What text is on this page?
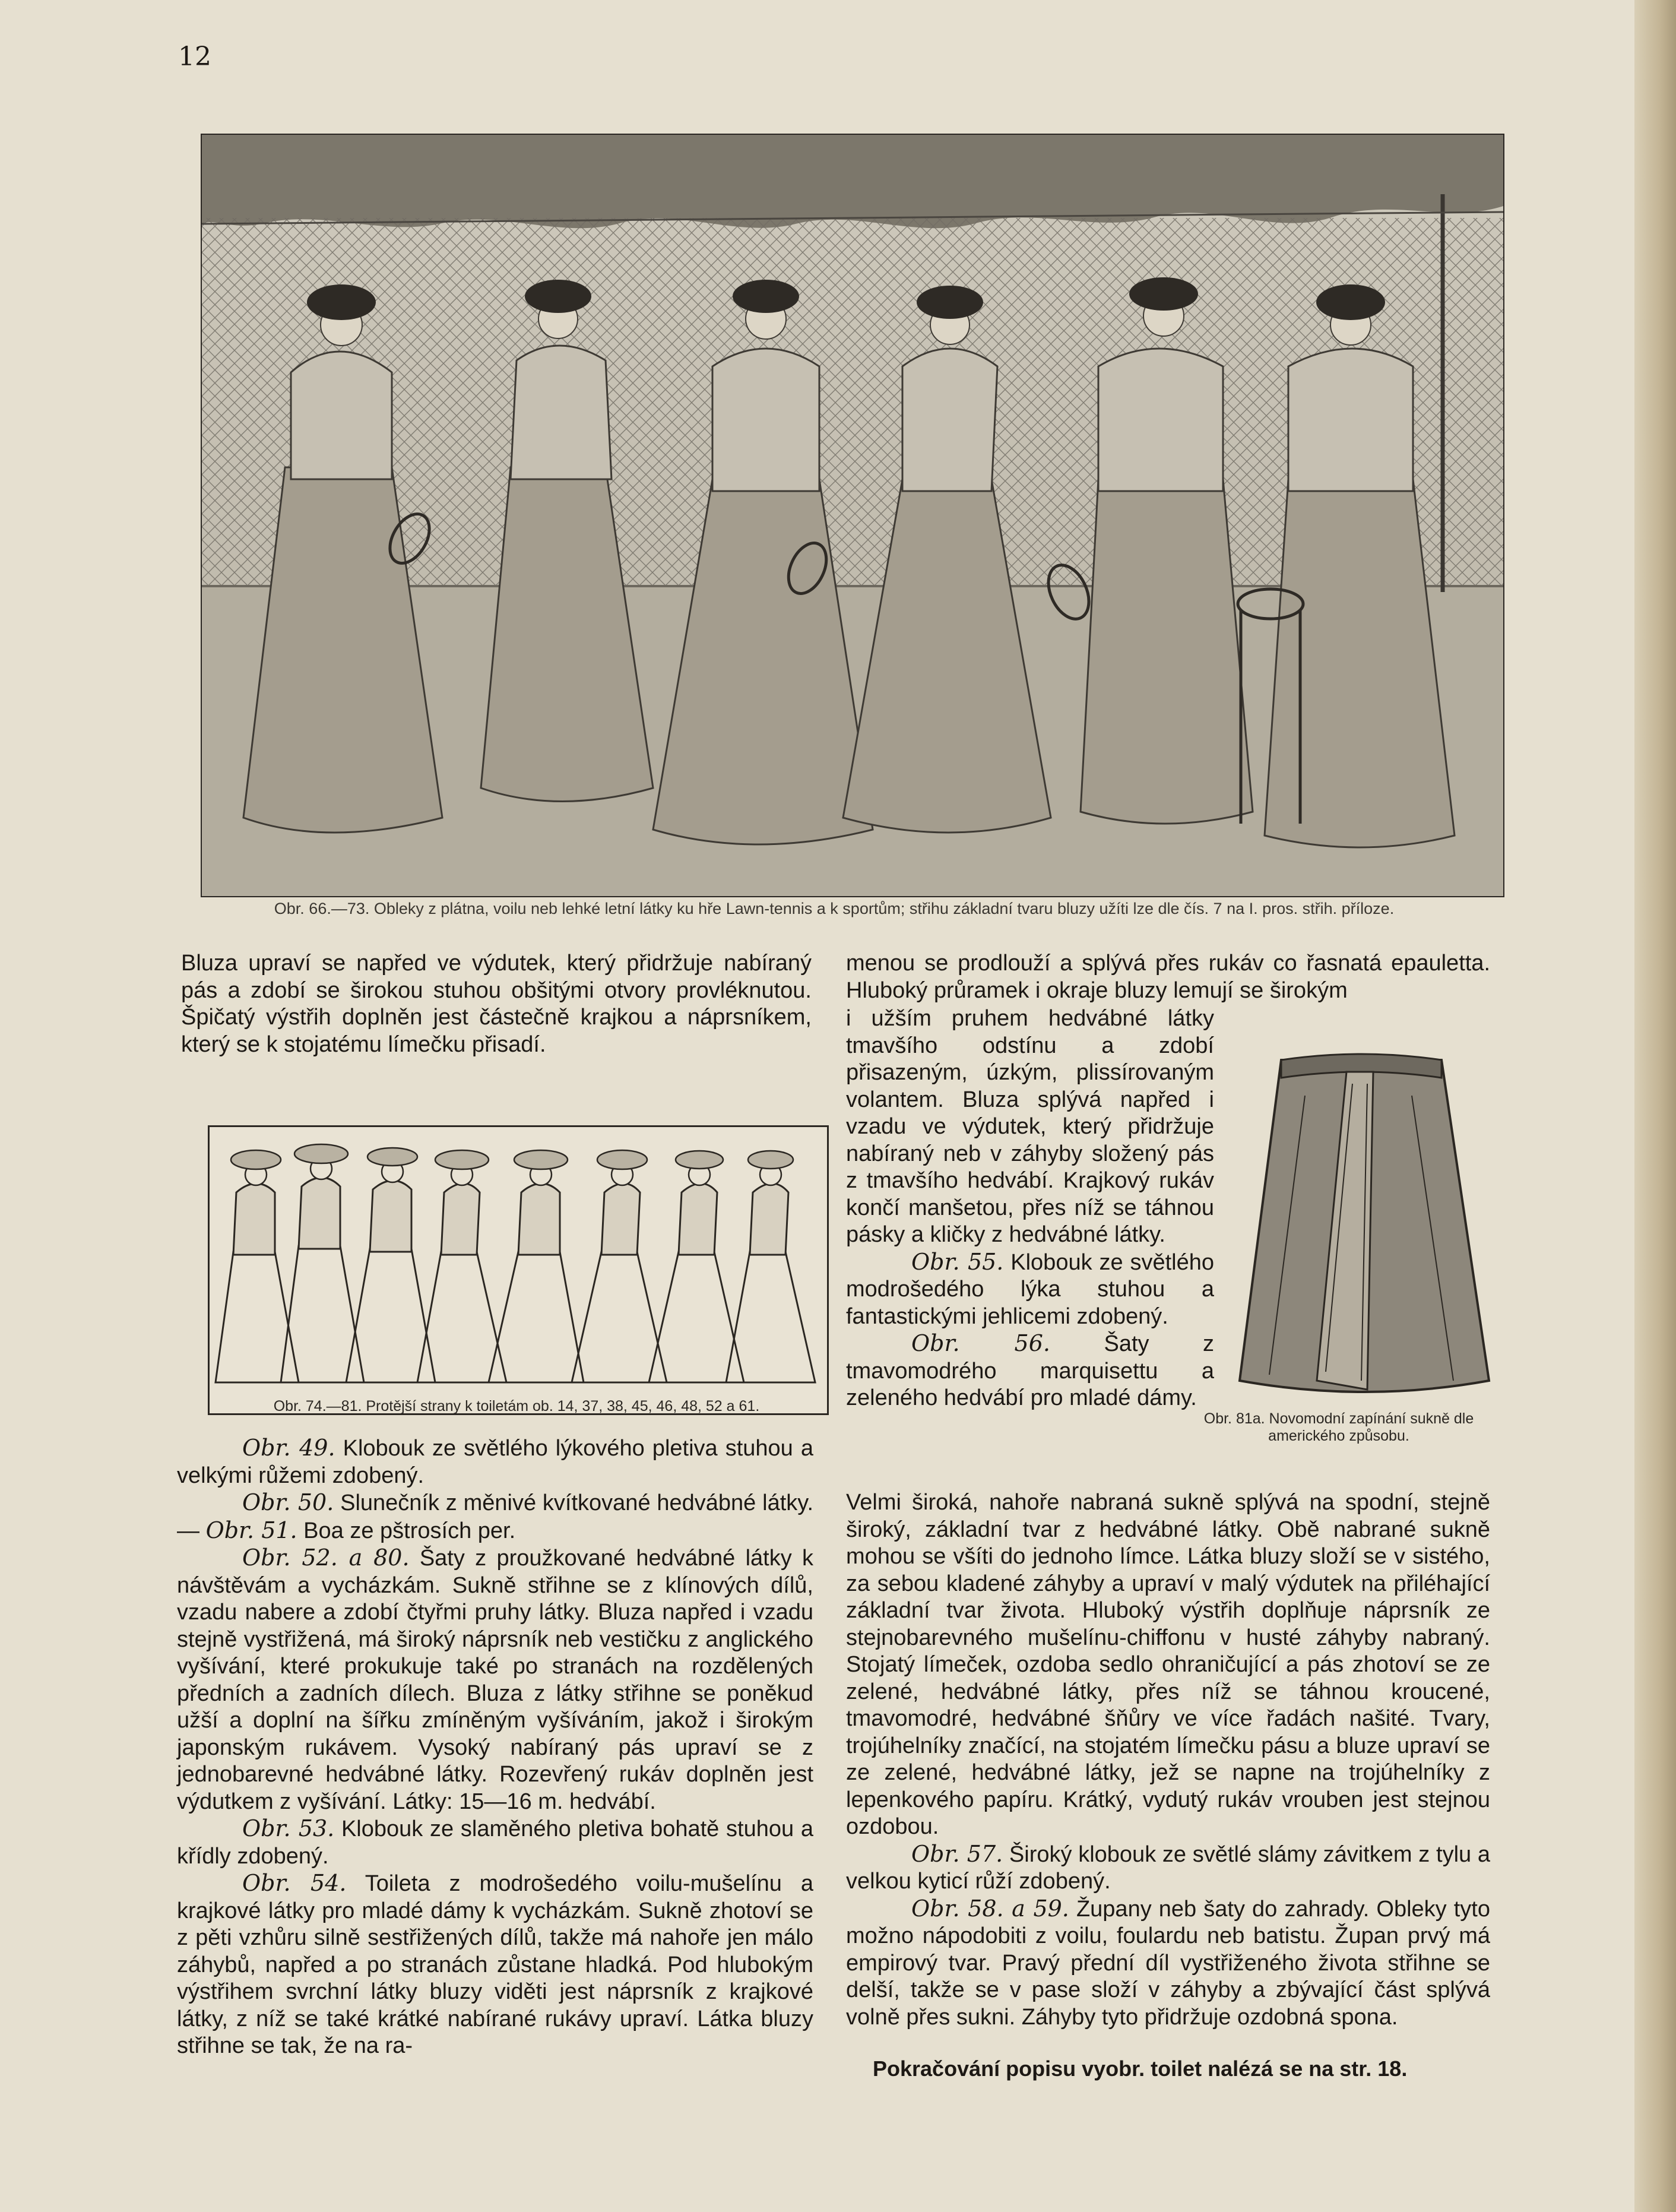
12
Obr. 66.—73. Obleky z plátna, voilu neb lehké letní látky ku hře Lawn-tennis a k sportům; střihu základní tvaru bluzy užíti lze dle čís. 7 na I. pros. střih. příloze.

Bluza upraví se napřed ve výdutek, který přidržuje nabíraný pás a zdobí se širokou stuhou obšitými otvory provléknutou. Špičatý výstřih doplněn jest částečně krajkou a náprsníkem, který se k stojatému límečku přisadí.

Obr. 74.—81. Protější strany k toiletám ob. 14, 37, 38, 45, 46, 48, 52 a 61.

Obr. 49. Klobouk ze světlého lýkového pletiva stuhou a velkými růžemi zdobený.

Obr. 50. Slunečník z měnivé kvítkované hedvábné látky. — Obr. 51. Boa ze pštrosích per.

Obr. 52. a 80. Šaty z proužkované hedvábné látky k návštěvám a vycházkám. Sukně střihne se z klínových dílů, vzadu nabere a zdobí čtyřmi pruhy látky. Bluza napřed i vzadu stejně vystřižená, má široký náprsník neb vestičku z anglického vyšívání, které prokukuje také po stranách na rozdělených předních a zadních dílech. Bluza z látky střihne se poněkud užší a doplní na šířku zmíněným vyšíváním, jakož i širokým japonským rukávem. Vysoký nabíraný pás upraví se z jednobarevné hedvábné látky. Rozevřený rukáv doplněn jest výdutkem z vyšívání. Látky: 15—16 m. hedvábí.

Obr. 53. Klobouk ze slaměného pletiva bohatě stuhou a křídly zdobený.

Obr. 54. Toileta z modrošedého voilu-mušelínu a krajkové látky pro mladé dámy k vycházkám. Sukně zhotoví se z pěti vzhůru silně sestřižených dílů, takže má nahoře jen málo záhybů, napřed a po stranách zůstane hladká. Pod hlubokým výstřihem svrchní látky bluzy viděti jest náprsník z krajkové látky, z níž se také krátké nabírané rukávy upraví. Látka bluzy střihne se tak, že na ra-

menou se prodlouží a splývá přes rukáv co řasnatá epauletta. Hluboký průramek i okraje bluzy lemují se širokým

i užším pruhem hedvábné látky tmavšího odstínu a zdobí přisazeným, úzkým, plissírovaným volantem. Bluza splývá napřed i vzadu ve výdutek, který přidržuje nabíraný neb v záhyby složený pás z tmavšího hedvábí. Krajkový rukáv končí manšetou, přes níž se táhnou pásky a kličky z hedvábné látky.

Obr. 55. Klobouk ze světlého modrošedého lýka stuhou a fantastickými jehlicemi zdobený.

Obr. 56. Šaty z tmavomodrého marquisettu a zeleného hedvábí pro mladé dámy.

Obr. 81a. Novomodní zapínání sukně dle amerického způsobu.

Velmi široká, nahoře nabraná sukně splývá na spodní, stejně široký, základní tvar z hedvábné látky. Obě nabrané sukně mohou se všíti do jednoho límce. Látka bluzy složí se v sistého, za sebou kladené záhyby a upraví v malý výdutek na přiléhající základní tvar života. Hluboký výstřih doplňuje náprsník ze stejnobarevného mušelínu-chiffonu v husté záhyby nabraný. Stojatý límeček, ozdoba sedlo ohraničující a pás zhotoví se ze zelené, hedvábné látky, přes níž se táhnou kroucené, tmavomodré, hedvábné šňůry ve více řadách našité. Tvary, trojúhelníky značící, na stojatém límečku pásu a bluze upraví se ze zelené, hedvábné látky, jež se napne na trojúhelníky z lepenkového papíru. Krátký, vydutý rukáv vrouben jest stejnou ozdobou.

Obr. 57. Široký klobouk ze světlé slámy závitkem z tylu a velkou kyticí růží zdobený.

Obr. 58. a 59. Župany neb šaty do zahrady. Obleky tyto možno nápodobiti z voilu, foulardu neb batistu. Župan prvý má empirový tvar. Pravý přední díl vystřiženého života střihne se delší, takže se v pase složí v záhyby a zbývající část splývá volně přes sukni. Záhyby tyto přidržuje ozdobná spona.

Pokračování popisu vyobr. toilet nalézá se na str. 18.
